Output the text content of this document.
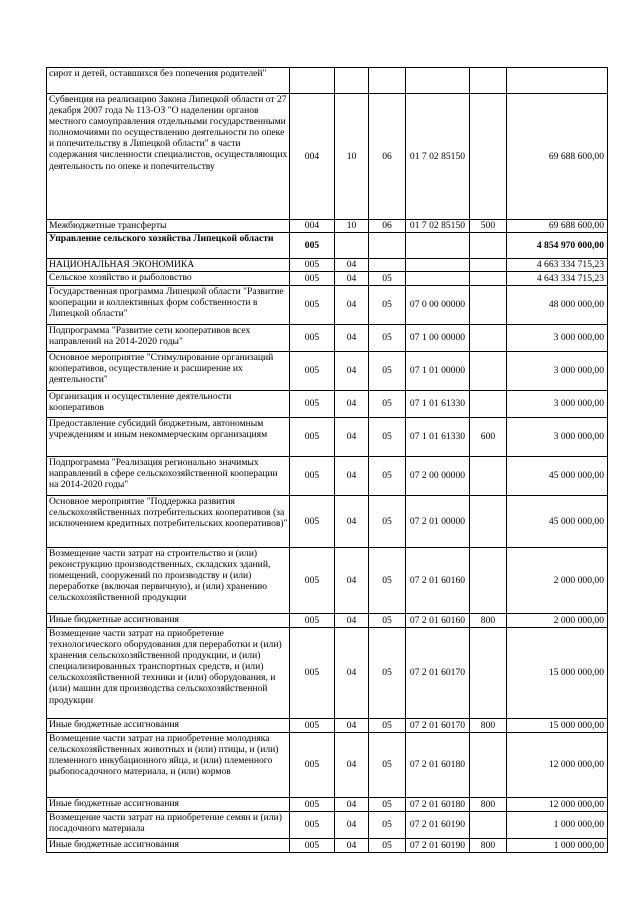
сирот и детей, оставшихся без попечения родителей"						
Субвенция на реализацию Закона Липецкой области от 27 декабря 2007 года № 113-ОЗ "О наделении органов местного самоуправления отдельными государственными полномочиями по осуществлению деятельности по опеке и попечительству в Липецкой области" в части содержания численности специалистов, осуществляющих деятельность по опеке и попечительству	004	10	06	01 7 02 85150		69 688 600,00
Межбюджетные трансферты	004	10	06	01 7 02 85150	500	69 688 600,00
Управление сельского хозяйства Липецкой области	005					4 854 970 000,00
НАЦИОНАЛЬНАЯ ЭКОНОМИКА	005	04				4 663 334 715,23
Сельское хозяйство и рыболовство	005	04	05			4 643 334 715,23
Государственная программа Липецкой области "Развитие кооперации и коллективных форм собственности в Липецкой области"	005	04	05	07 0 00 00000		48 000 000,00
Подпрограмма "Развитие сети кооперативов всех направлений на 2014-2020 годы"	005	04	05	07 1 00 00000		3 000 000,00
Основное мероприятие "Стимулирование организаций кооперативов, осуществление и расширение их деятельности"	005	04	05	07 1 01 00000		3 000 000,00
Организация и осуществление деятельности кооперативов	005	04	05	07 1 01 61330		3 000 000,00
Предоставление субсидий бюджетным, автономным учреждениям и иным некоммерческим организациям	005	04	05	07 1 01 61330	600	3 000 000,00
Подпрограмма "Реализация регионально значимых направлений в сфере сельскохозяйственной кооперации на 2014-2020 годы"	005	04	05	07 2 00 00000		45 000 000,00
Основное мероприятие "Поддержка развития сельскохозяйственных потребительских кооперативов (за исключением кредитных потребительских кооперативов)"	005	04	05	07 2 01 00000		45 000 000,00
Возмещение части затрат на строительство и (или) реконструкцию производственных, складских зданий, помещений, сооружений по производству и (или) переработке (включая первичную), и (или) хранению сельскохозяйственной продукции	005	04	05	07 2 01 60160		2 000 000,00
Иные бюджетные ассигнования	005	04	05	07 2 01 60160	800	2 000 000,00
Возмещение части затрат на приобретение технологического оборудования для переработки и (или) хранения сельскохозяйственной продукции, и (или) специализированных транспортных средств, и (или) сельскохозяйственной техники и (или) оборудования, и (или) машин для производства сельскохозяйственной продукции	005	04	05	07 2 01 60170		15 000 000,00
Иные бюджетные ассигнования	005	04	05	07 2 01 60170	800	15 000 000,00
Возмещение части затрат на приобретение молодняка сельскохозяйственных животных и (или) птицы, и (или) племенного инкубационного яйца, и (или) племенного рыбопосадочного материала, и (или) кормов	005	04	05	07 2 01 60180		12 000 000,00
Иные бюджетные ассигнования	005	04	05	07 2 01 60180	800	12 000 000,00
Возмещение части затрат на приобретение семян и (или) посадочного материала	005	04	05	07 2 01 60190		1 000 000,00
Иные бюджетные ассигнования	005	04	05	07 2 01 60190	800	1 000 000,00
